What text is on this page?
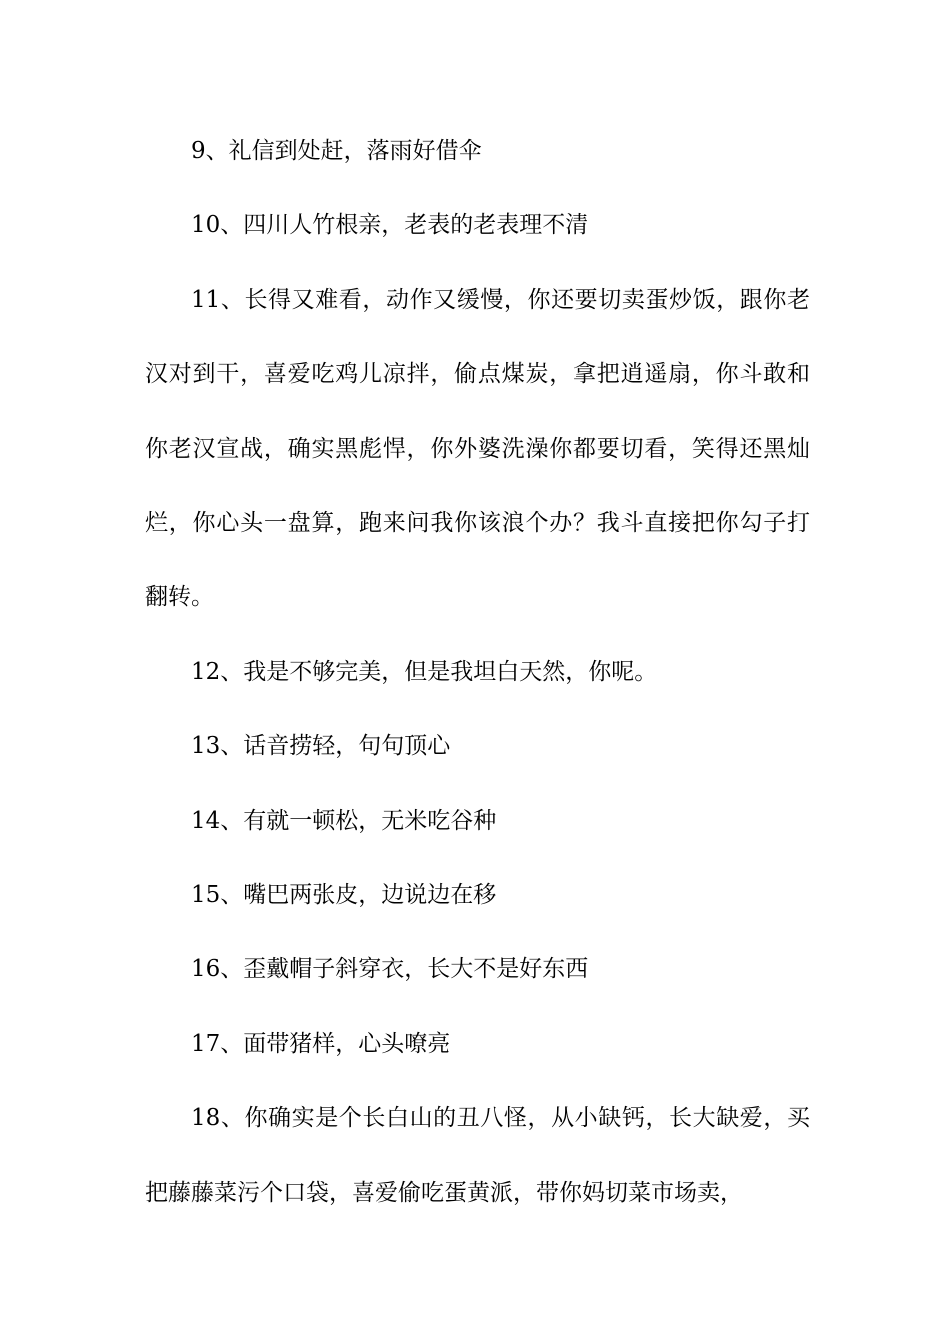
9、礼信到处赶，落雨好借伞

10、四川人竹根亲，老表的老表理不清

11、长得又难看，动作又缓慢，你还要切卖蛋炒饭，跟你老汉对到干，喜爱吃鸡儿凉拌，偷点煤炭，拿把逍遥扇，你斗敢和你老汉宣战，确实黑彪悍，你外婆洗澡你都要切看，笑得还黑灿烂，你心头一盘算，跑来问我你该浪个办？我斗直接把你勾子打翻转。

12、我是不够完美，但是我坦白天然，你呢。

13、话音捞轻，句句顶心

14、有就一顿松，无米吃谷种

15、嘴巴两张皮，边说边在移

16、歪戴帽子斜穿衣，长大不是好东西

17、面带猪样，心头嘹亮

18、你确实是个长白山的丑八怪，从小缺钙，长大缺爱，买把藤藤菜污个口袋，喜爱偷吃蛋黄派，带你妈切菜市场卖，
